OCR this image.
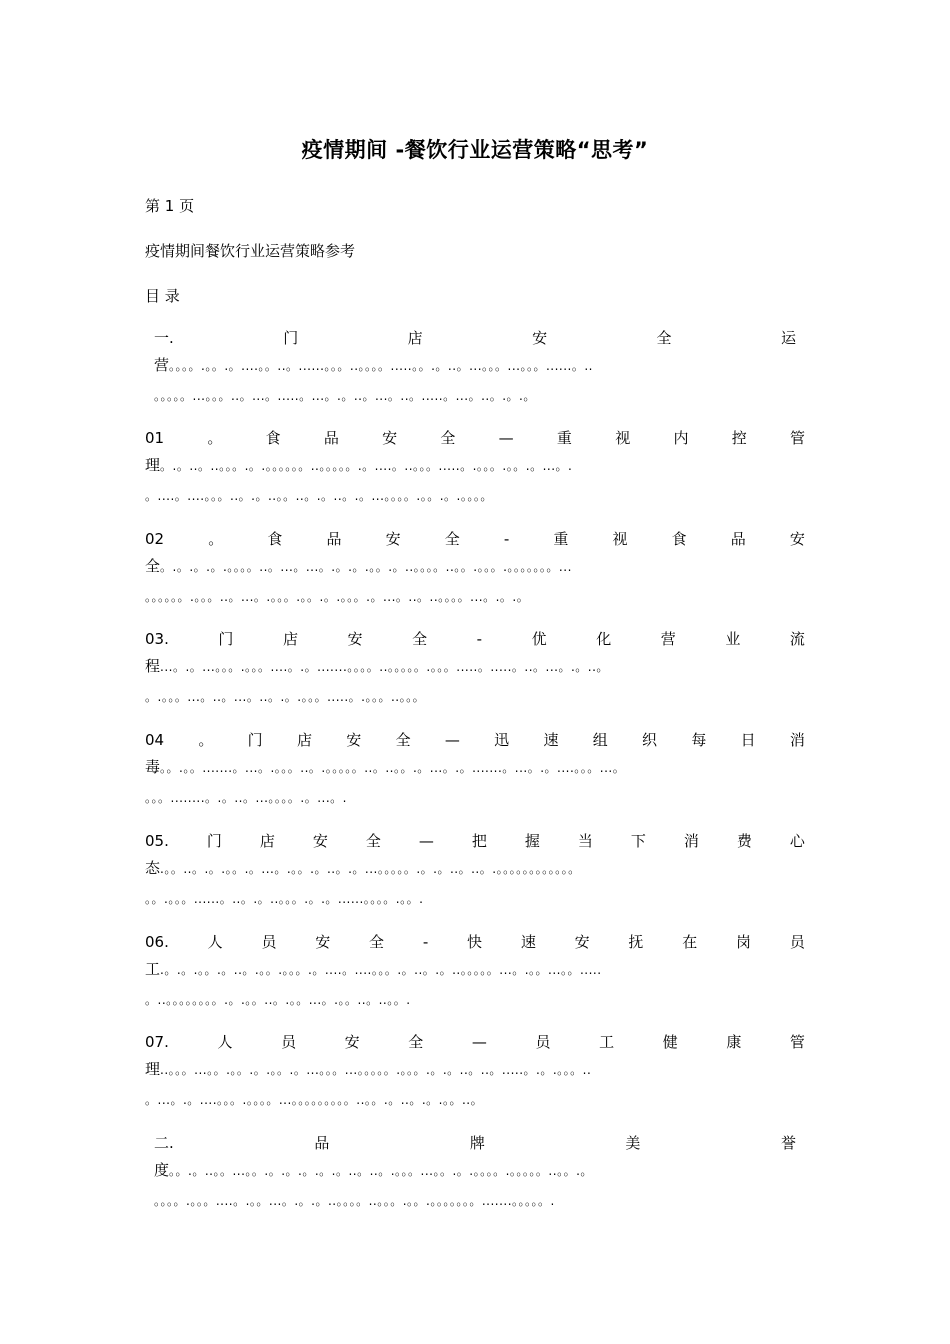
疫情期间 -餐饮行业运营策略“思考”
第 1 页
疫情期间餐饮行业运营策略参考
目 录
一.	门	店	安	全	运
营。。。。.。。.。....。。..。......。。。..。。。。.....。。.。..。...。。。...。。。......。..
。。。。。...。。。..。...。.....。...。.。..。...。..。.....。...。..。.。.。
01	。	食	品	安	全	—	重	视	内	控	管
理。.。..。..。。。.。.。。。。。。..。。。。。.。....。..。。。.....。.。。。.。。.。...。.
。....。....。。。..。.。..。。..。.。..。.。...。。。。.。。.。.。。。。
02	。	食	品	安	全	-	重	视	食	品	安
全。.。.。.。.。。。。..。...。...。.。.。.。。.。..。。。。..。。.。。。.。。。。。。。...
。。。。。。.。。。..。...。.。。。.。。.。.。。。.。...。..。..。。。。...。.。.。
03.	门	店	安	全	-	优	化	营	业	流
程...。.。...。。。.。。。....。.。.......。。。。..。。。。。.。。。.....。.....。..。...。.。..。
。.。。。...。..。...。..。.。.。。。.....。.。。。..。。。
04 。 门 店 安 全 — 迅 速 组 织 每 日 消
毒。。.。。.......。...。.。。。..。.。。。。。..。..。。.。...。.。.......。...。.。....。。。...。
。。。........。.。..。...。。。。.。...。.
05.	门	店	安	全	—	把	握	当	下	消	费	心
态.。。..。.。.。。.。...。.。。.。..。.。...。。。。。.。.。..。..。.。。。。。。。。。。。。
。。.。。。......。..。.。..。。。.。.。......。。。。.。。.
06.	人	员	安	全	-	快	速	安	抚	在	岗	员
工.。.。.。。.。..。.。。.。。。.。....。....。。。.。..。.。..。。。。。...。.。。...。。.....
。..。。。。。。。。.。.。。..。.。。...。.。。..。..。。.
07.	人	员	安	全	—	员	工	健	康	管
理..。。。...。。.。。.。.。。.。...。。。...。。。。。.。。。.。.。..。..。.....。.。.。。。..
。...。.。....。。。.。。。。...。。。。。。。。。..。。.。..。.。.。。..。
二.	品	牌	美	誉
度。。.。..。。...。。.。.。.。.。.。..。..。.。。。...。。.。.。。。。.。。。。。..。。.。
。。。。.。。。....。.。。...。.。.。..。。。。..。。。.。。.。。。。。。。.......。。。。。.
